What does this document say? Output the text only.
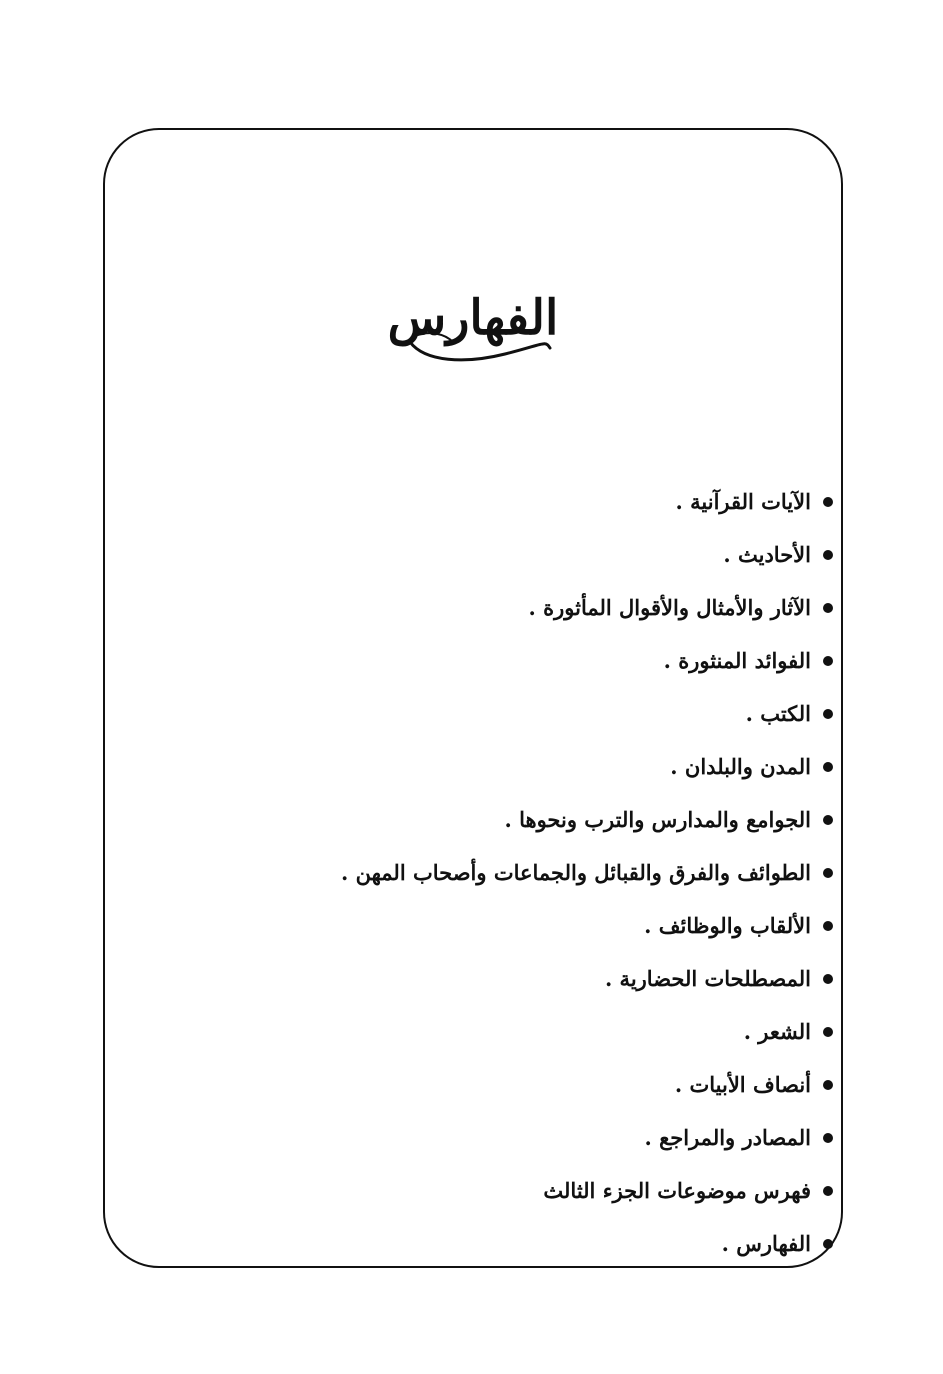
الفهارس
الآيات القرآنية .
الأحاديث .
الآثار والأمثال والأقوال المأثورة .
الفوائد المنثورة .
الكتب .
المدن والبلدان .
الجوامع والمدارس والترب ونحوها .
الطوائف والفرق والقبائل والجماعات وأصحاب المهن .
الألقاب والوظائف .
المصطلحات الحضارية .
الشعر .
أنصاف الأبيات .
المصادر والمراجع .
فهرس موضوعات الجزء الثالث
الفهارس .
